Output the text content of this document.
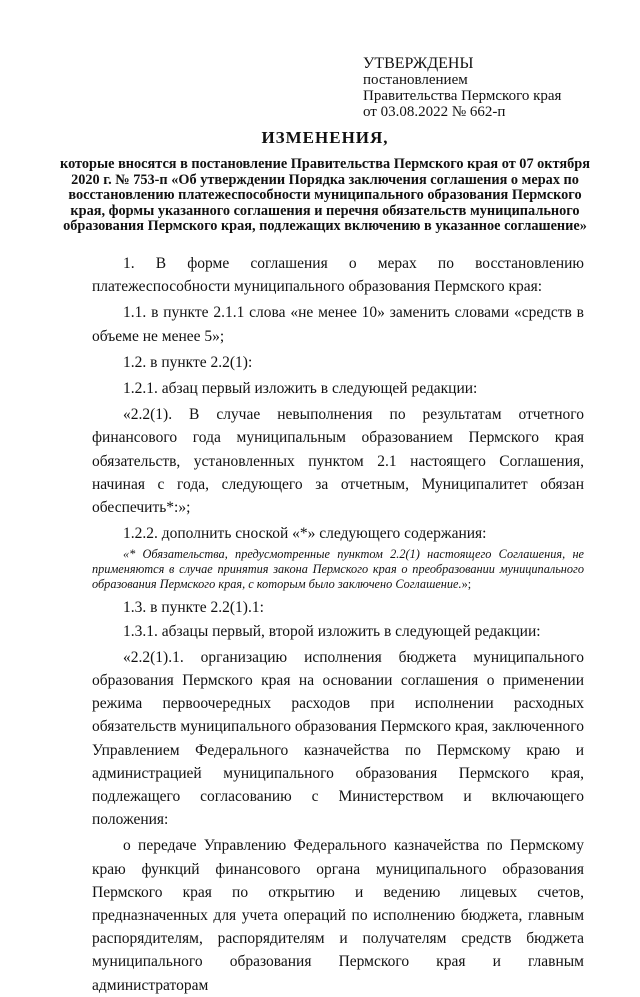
УТВЕРЖДЕНЫ
постановлением
Правительства Пермского края
от 03.08.2022 № 662-п
ИЗМЕНЕНИЯ,
которые вносятся в постановление Правительства Пермского края от 07 октября 2020 г. № 753-п «Об утверждении Порядка заключения соглашения о мерах по восстановлению платежеспособности муниципального образования Пермского края, формы указанного соглашения и перечня обязательств муниципального образования Пермского края, подлежащих включению в указанное соглашение»

1. В форме соглашения о мерах по восстановлению платежеспособности муниципального образования Пермского края:

1.1. в пункте 2.1.1 слова «не менее 10» заменить словами «средств в объеме не менее 5»;

1.2. в пункте 2.2(1):

1.2.1. абзац первый изложить в следующей редакции:

«2.2(1). В случае невыполнения по результатам отчетного финансового года муниципальным образованием Пермского края обязательств, установленных пунктом 2.1 настоящего Соглашения, начиная с года, следующего за отчетным, Муниципалитет обязан обеспечить*:»;

1.2.2. дополнить сноской «*» следующего содержания:

«* Обязательства, предусмотренные пунктом 2.2(1) настоящего Соглашения, не применяются в случае принятия закона Пермского края о преобразовании муниципального образования Пермского края, с которым было заключено Соглашение.»;

1.3. в пункте 2.2(1).1:

1.3.1. абзацы первый, второй изложить в следующей редакции:

«2.2(1).1. организацию исполнения бюджета муниципального образования Пермского края на основании соглашения о применении режима первоочередных расходов при исполнении расходных обязательств муниципального образования Пермского края, заключенного Управлением Федерального казначейства по Пермскому краю и администрацией муниципального образования Пермского края, подлежащего согласованию с Министерством и включающего положения:

о передаче Управлению Федерального казначейства по Пермскому краю функций финансового органа муниципального образования Пермского края по открытию и ведению лицевых счетов, предназначенных для учета операций по исполнению бюджета, главным распорядителям, распорядителям и получателям средств бюджета муниципального образования Пермского края и главным администраторам
